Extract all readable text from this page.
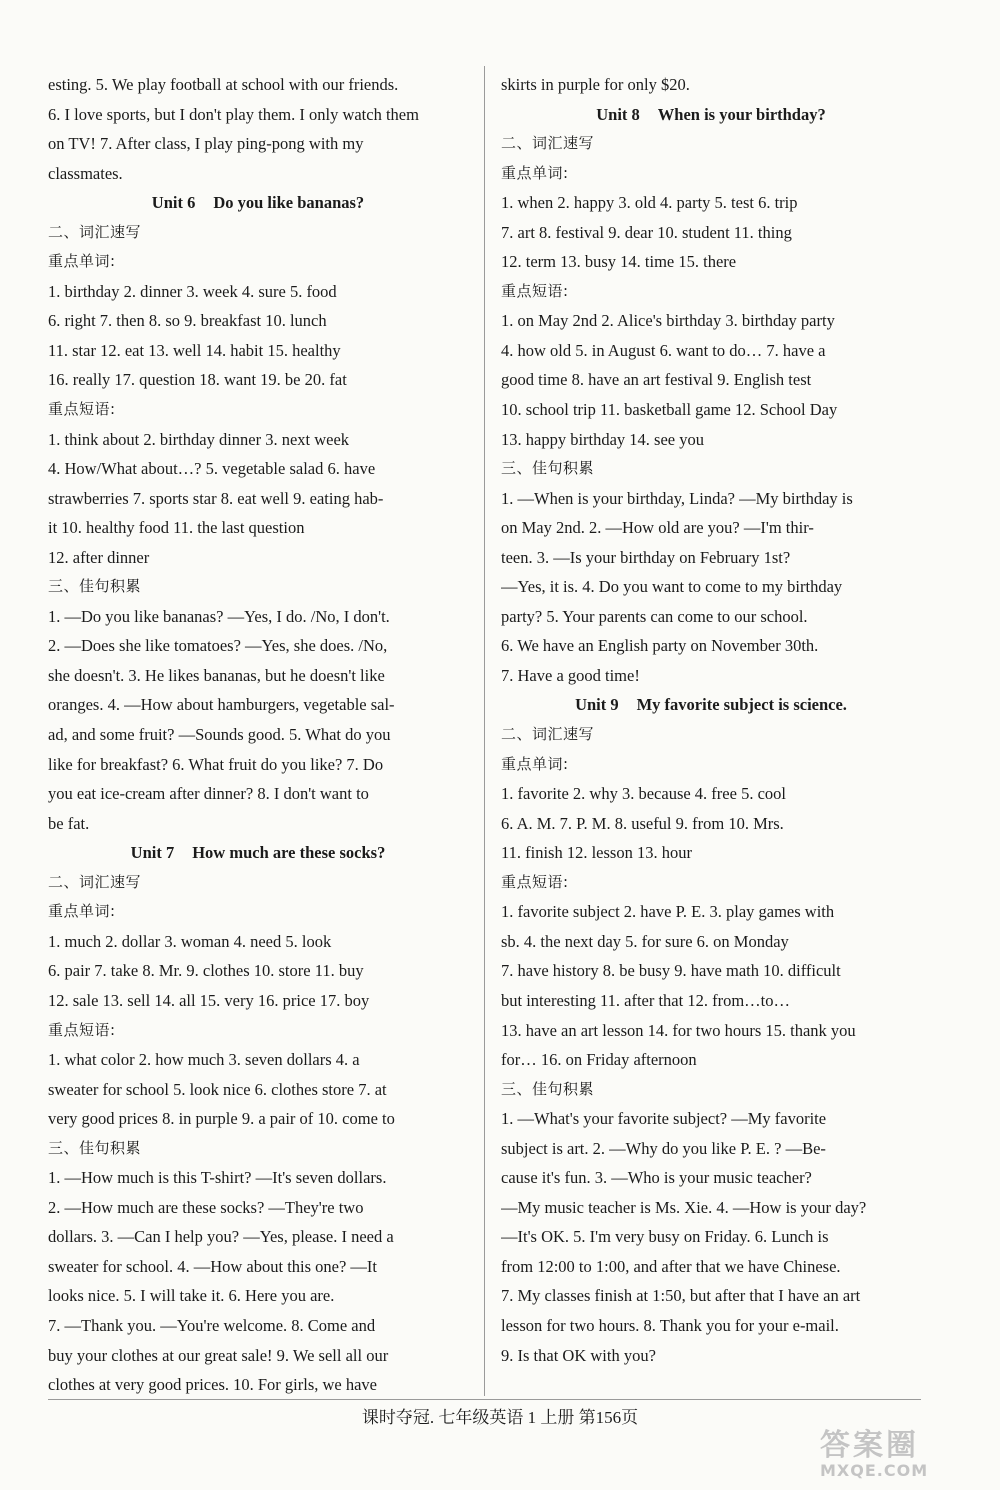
esting. 5. We play football at school with our friends.
6. I love sports, but I don't play them. I only watch them
on TV! 7. After class, I play ping-pong with my
classmates.
Unit 6 Do you like bananas?
二、词汇速写
重点单词:
1. birthday 2. dinner 3. week 4. sure 5. food
6. right 7. then 8. so 9. breakfast 10. lunch
11. star 12. eat 13. well 14. habit 15. healthy
16. really 17. question 18. want 19. be 20. fat
重点短语:
1. think about 2. birthday dinner 3. next week
4. How/What about…? 5. vegetable salad 6. have
strawberries 7. sports star 8. eat well 9. eating hab-
it 10. healthy food 11. the last question
12. after dinner
三、佳句积累
1. —Do you like bananas? —Yes, I do. /No, I don't.
2. —Does she like tomatoes? —Yes, she does. /No,
she doesn't. 3. He likes bananas, but he doesn't like
oranges. 4. —How about hamburgers, vegetable sal-
ad, and some fruit? —Sounds good. 5. What do you
like for breakfast? 6. What fruit do you like? 7. Do
you eat ice-cream after dinner? 8. I don't want to
be fat.
Unit 7 How much are these socks?
二、词汇速写
重点单词:
1. much 2. dollar 3. woman 4. need 5. look
6. pair 7. take 8. Mr. 9. clothes 10. store 11. buy
12. sale 13. sell 14. all 15. very 16. price 17. boy
重点短语:
1. what color 2. how much 3. seven dollars 4. a
sweater for school 5. look nice 6. clothes store 7. at
very good prices 8. in purple 9. a pair of 10. come to
三、佳句积累
1. —How much is this T-shirt? —It's seven dollars.
2. —How much are these socks? —They're two
dollars. 3. —Can I help you? —Yes, please. I need a
sweater for school. 4. —How about this one? —It
looks nice. 5. I will take it. 6. Here you are.
7. —Thank you. —You're welcome. 8. Come and
buy your clothes at our great sale! 9. We sell all our
clothes at very good prices. 10. For girls, we have
skirts in purple for only $20.
Unit 8 When is your birthday?
二、词汇速写
重点单词:
1. when 2. happy 3. old 4. party 5. test 6. trip
7. art 8. festival 9. dear 10. student 11. thing
12. term 13. busy 14. time 15. there
重点短语:
1. on May 2nd 2. Alice's birthday 3. birthday party
4. how old 5. in August 6. want to do… 7. have a
good time 8. have an art festival 9. English test
10. school trip 11. basketball game 12. School Day
13. happy birthday 14. see you
三、佳句积累
1. —When is your birthday, Linda? —My birthday is
on May 2nd. 2. —How old are you? —I'm thir-
teen. 3. —Is your birthday on February 1st?
—Yes, it is. 4. Do you want to come to my birthday
party? 5. Your parents can come to our school.
6. We have an English party on November 30th.
7. Have a good time!
Unit 9 My favorite subject is science.
二、词汇速写
重点单词:
1. favorite 2. why 3. because 4. free 5. cool
6. A. M. 7. P. M. 8. useful 9. from 10. Mrs.
11. finish 12. lesson 13. hour
重点短语:
1. favorite subject 2. have P. E. 3. play games with
sb. 4. the next day 5. for sure 6. on Monday
7. have history 8. be busy 9. have math 10. difficult
but interesting 11. after that 12. from…to…
13. have an art lesson 14. for two hours 15. thank you
for… 16. on Friday afternoon
三、佳句积累
1. —What's your favorite subject? —My favorite
subject is art. 2. —Why do you like P. E. ? —Be-
cause it's fun. 3. —Who is your music teacher?
—My music teacher is Ms. Xie. 4. —How is your day?
—It's OK. 5. I'm very busy on Friday. 6. Lunch is
from 12:00 to 1:00, and after that we have Chinese.
7. My classes finish at 1:50, but after that I have an art
lesson for two hours. 8. Thank you for your e-mail.
9. Is that OK with you?
课时夺冠. 七年级英语 1 上册 第156页
答案圈
MXQE.COM
